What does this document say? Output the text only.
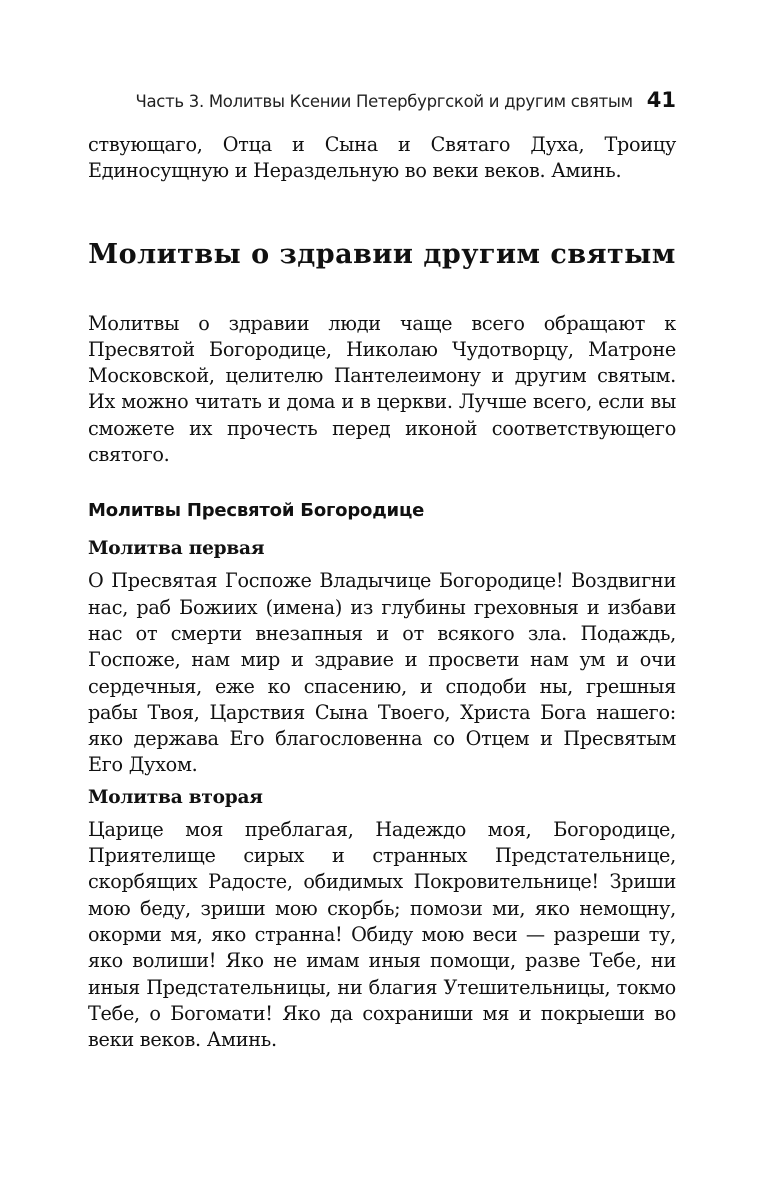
Часть 3. Молитвы Ксении Петербургской и другим святым 41

ствующаго, Отца и Сына и Святаго Духа, Троицу Единосущную и Нераздельную во веки веков. Аминь.

Молитвы о здравии другим святым

Молитвы о здравии люди чаще всего обращают к Пресвятой Богородице, Николаю Чудотворцу, Матроне Московской, целителю Пантелеимону и другим святым. Их можно читать и дома и в церкви. Лучше всего, если вы сможете их прочесть перед иконой соответствующего святого.

Молитвы Пресвятой Богородице
Молитва первая

О Пресвятая Госпоже Владычице Богородице! Воздвигни нас, раб Божиих (имена) из глубины греховныя и избави нас от смерти внезапныя и от всякого зла. Подаждь, Госпоже, нам мир и здравие и просвети нам ум и очи сердечныя, еже ко спасению, и сподоби ны, грешныя рабы Твоя, Царствия Сына Твоего, Христа Бога нашего: яко держава Его благословенна со Отцем и Пресвятым Его Духом.

Молитва вторая

Царице моя преблагая, Надеждо моя, Богородице, Приятелище сирых и странных Предстательнице, скорбящих Радосте, обидимых Покровительнице! Зриши мою беду, зриши мою скорбь; помози ми, яко немощну, окорми мя, яко странна! Обиду мою веси — разреши ту, яко волиши! Яко не имам иныя помощи, разве Тебе, ни иныя Предстательницы, ни благия Утешительницы, токмо Тебе, о Богомати! Яко да сохраниши мя и покрыеши во веки веков. Аминь.
